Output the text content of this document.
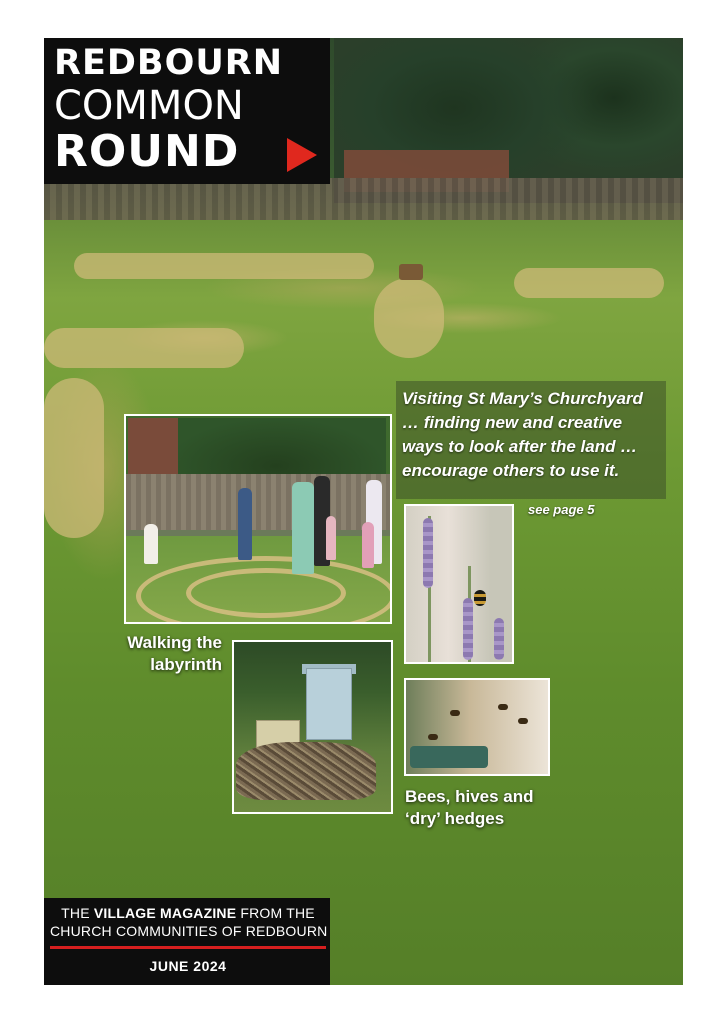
REDBOURN
COMMON
ROUND
Visiting St Mary’s Churchyard … finding new and creative ways to look after the land … encourage others to use it.
see page 5
Walking the labyrinth
Bees, hives and ‘dry’ hedges
THE VILLAGE MAGAZINE FROM THE
CHURCH COMMUNITIES OF REDBOURN
JUNE 2024
